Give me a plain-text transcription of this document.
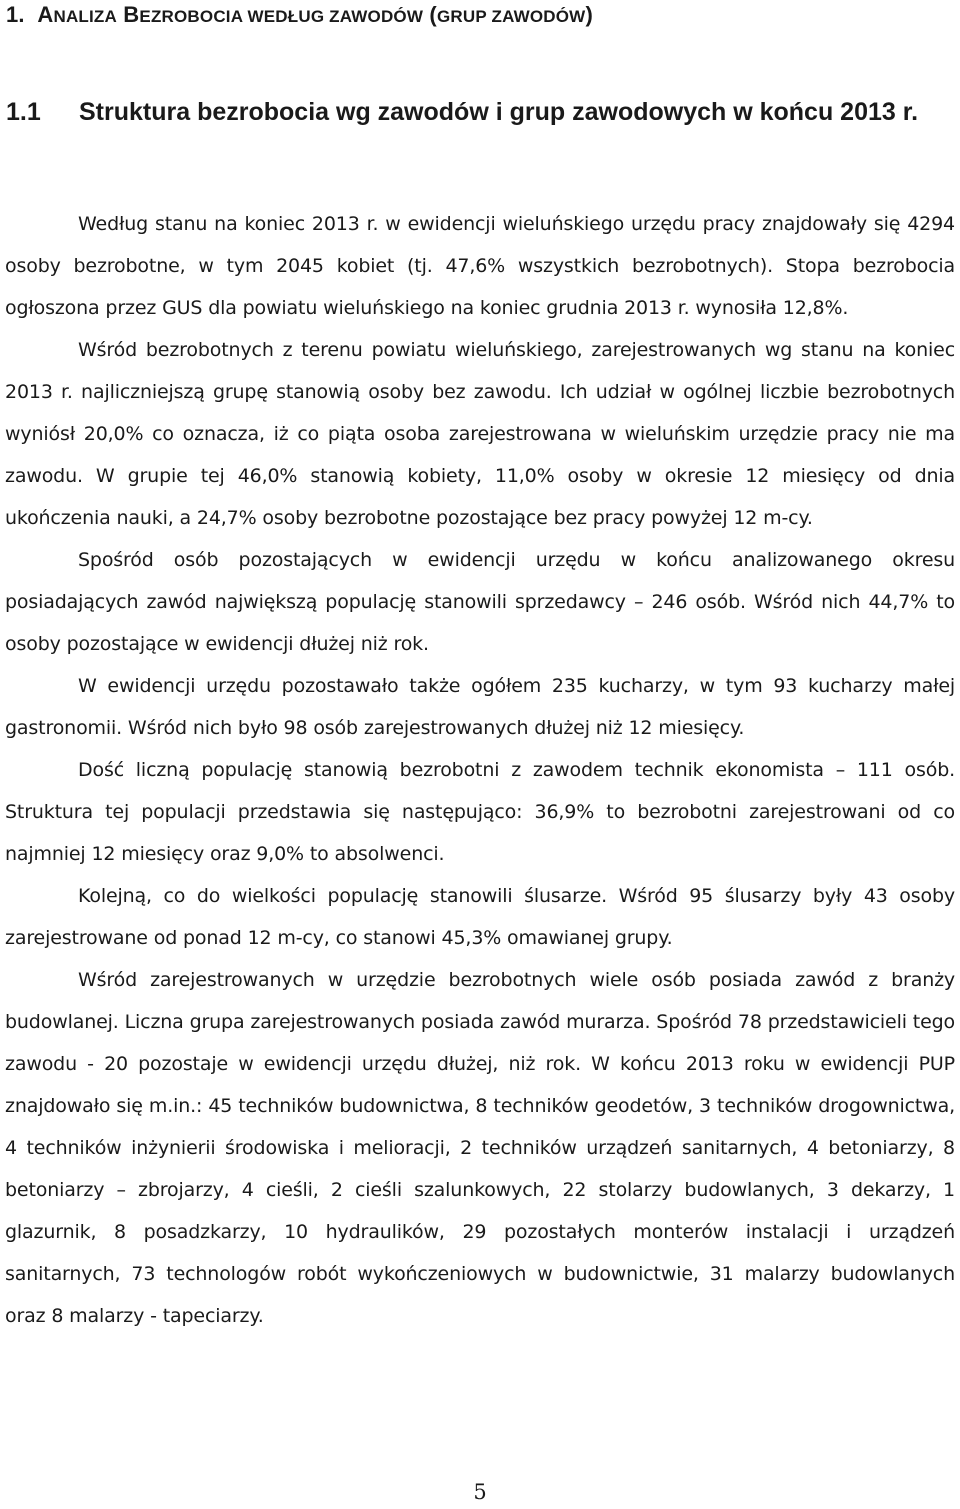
1.  ANALIZA BEZROBOCIA WEDŁUG ZAWODÓW (GRUP ZAWODÓW)
1.1 Struktura bezrobocia wg zawodów i grup zawodowych w końcu 2013 r.

Według stanu na koniec 2013 r. w ewidencji wieluńskiego urzędu pracy znajdowały się 4294 osoby bezrobotne, w tym 2045 kobiet (tj. 47,6% wszystkich bezrobotnych). Stopa bezrobocia ogłoszona przez GUS dla powiatu wieluńskiego na koniec grudnia 2013 r. wynosiła 12,8%.

Wśród bezrobotnych z terenu powiatu wieluńskiego, zarejestrowanych wg stanu na koniec 2013 r. najliczniejszą grupę stanowią osoby bez zawodu. Ich udział w ogólnej liczbie bezrobotnych wyniósł 20,0% co oznacza, iż co piąta osoba zarejestrowana w wieluńskim urzędzie pracy nie ma zawodu. W grupie tej 46,0% stanowią kobiety, 11,0% osoby w okresie 12 miesięcy od dnia ukończenia nauki, a 24,7% osoby bezrobotne pozostające bez pracy powyżej 12 m-cy.

Spośród osób pozostających w ewidencji urzędu w końcu analizowanego okresu posiadających zawód największą populację stanowili sprzedawcy – 246 osób. Wśród nich 44,7% to osoby pozostające w ewidencji dłużej niż rok.

W ewidencji urzędu pozostawało także ogółem 235 kucharzy, w tym 93 kucharzy małej gastronomii. Wśród nich było 98 osób zarejestrowanych dłużej niż 12 miesięcy.

Dość liczną populację stanowią bezrobotni z zawodem technik ekonomista – 111 osób. Struktura tej populacji przedstawia się następująco: 36,9% to bezrobotni zarejestrowani od co najmniej 12 miesięcy oraz 9,0% to absolwenci.

Kolejną, co do wielkości populację stanowili ślusarze. Wśród 95 ślusarzy były 43 osoby zarejestrowane od ponad 12 m-cy, co stanowi 45,3% omawianej grupy.

Wśród zarejestrowanych w urzędzie bezrobotnych wiele osób posiada zawód z branży budowlanej. Liczna grupa zarejestrowanych posiada zawód murarza. Spośród 78 przedstawicieli tego zawodu - 20 pozostaje w ewidencji urzędu dłużej, niż rok. W końcu 2013 roku w ewidencji PUP znajdowało się m.in.: 45 techników budownictwa, 8 techników geodetów, 3 techników drogownictwa, 4 techników inżynierii środowiska i melioracji, 2 techników urządzeń sanitarnych, 4 betoniarzy, 8 betoniarzy – zbrojarzy, 4 cieśli, 2 cieśli szalunkowych, 22 stolarzy budowlanych, 3 dekarzy, 1 glazurnik, 8 posadzkarzy, 10 hydraulików, 29 pozostałych monterów instalacji i urządzeń sanitarnych, 73 technologów robót wykończeniowych w budownictwie, 31 malarzy budowlanych oraz 8 malarzy - tapeciarzy.

5
